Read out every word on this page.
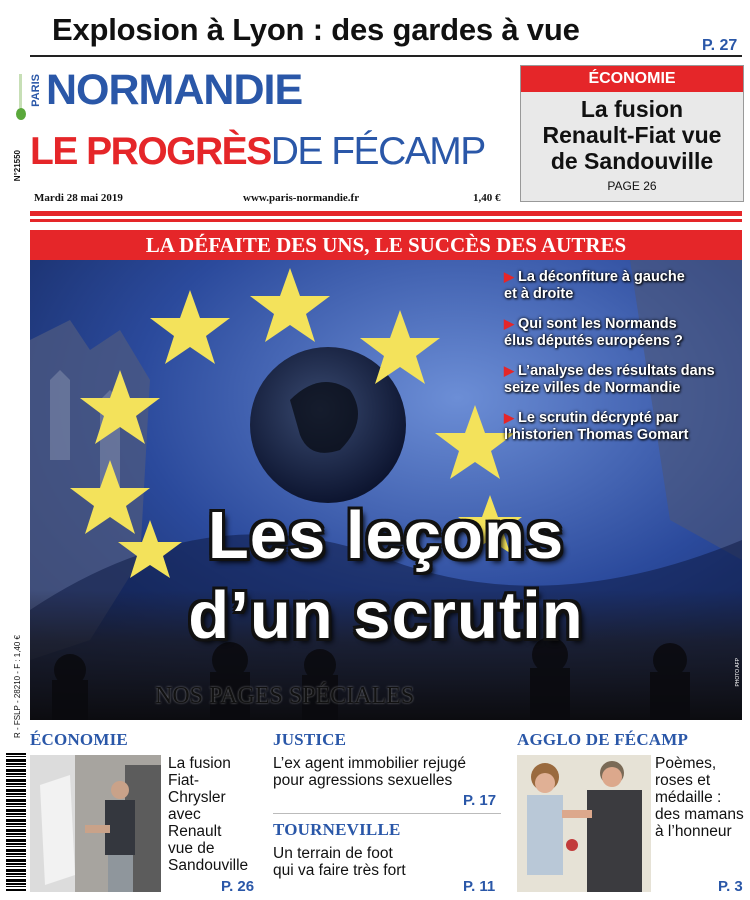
Explosion à Lyon : des gardes à vue	P. 27
N°21550
R - FSLP - 28210 - F : 1,40 €
PARIS NORMANDIE
LE PROGRÈSDE FÉCAMP
Mardi 28 mai 2019	www.paris-normandie.fr	1,40 €
ÉCONOMIE
La fusion
Renault-Fiat vue
de Sandouville
PAGE 26
LA DÉFAITE DES UNS, LE SUCCÈS DES AUTRES
▶ La déconfiture à gauche
et à droite
▶ Qui sont les Normands
élus députés européens ?
▶ L’analyse des résultats dans
seize villes de Normandie
▶ Le scrutin décrypté par
l’historien Thomas Gomart
Les leçons
d’un scrutin
NOS PAGES SPÉCIALES
PHOTO AFP
ÉCONOMIE
La fusion
Fiat-
Chrysler
avec
Renault
vue de
Sandouville
P. 26
JUSTICE
L’ex agent immobilier rejugé
pour agressions sexuelles
P. 17
TOURNEVILLE
Un terrain de foot
qui va faire très fort
P. 11
AGGLO DE FÉCAMP
Poèmes,
roses et
médaille :
des mamans
à l’honneur
P. 3
